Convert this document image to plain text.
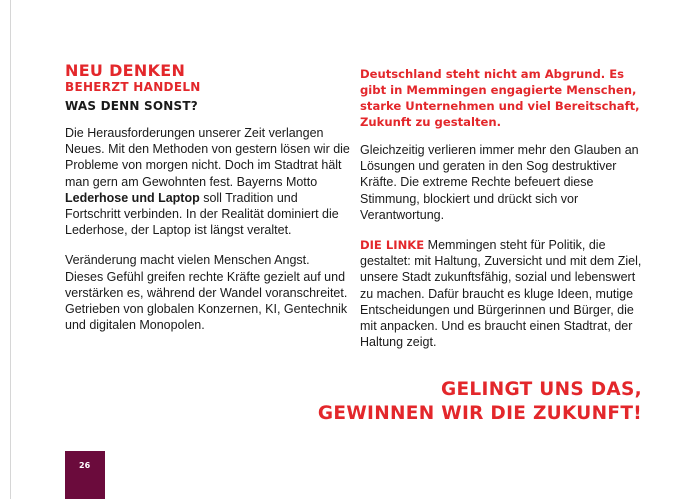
NEU DENKEN
BEHERZT HANDELN
WAS DENN SONST?

Die Herausforderungen unserer Zeit verlangen Neues. Mit den Methoden von gestern lösen wir die Probleme von morgen nicht. Doch im Stadtrat hält man gern am Gewohnten fest. Bayerns Motto Lederhose und Laptop soll Tradition und Fortschritt verbinden. In der Realität dominiert die Lederhose, der Laptop ist längst veraltet.

Veränderung macht vielen Menschen Angst. Dieses Gefühl greifen rechte Kräfte gezielt auf und verstärken es, während der Wandel voranschreitet. Getrieben von globalen Konzernen, KI, Gentechnik und digitalen Monopolen.

Deutschland steht nicht am Abgrund. Es gibt in Memmingen engagierte Menschen, starke Unternehmen und viel Bereitschaft, Zukunft zu gestalten.

Gleichzeitig verlieren immer mehr den Glauben an Lösungen und geraten in den Sog destruktiver Kräfte. Die extreme Rechte befeuert diese Stimmung, blockiert und drückt sich vor Verantwortung.

DIE LINKE Memmingen steht für Politik, die gestaltet: mit Haltung, Zuversicht und mit dem Ziel, unsere Stadt zukunftsfähig, sozial und lebenswert zu machen. Dafür braucht es kluge Ideen, mutige Entscheidungen und Bürgerinnen und Bürger, die mit anpacken. Und es braucht einen Stadtrat, der Haltung zeigt.

GELINGT UNS DAS,
GEWINNEN WIR DIE ZUKUNFT!
26
